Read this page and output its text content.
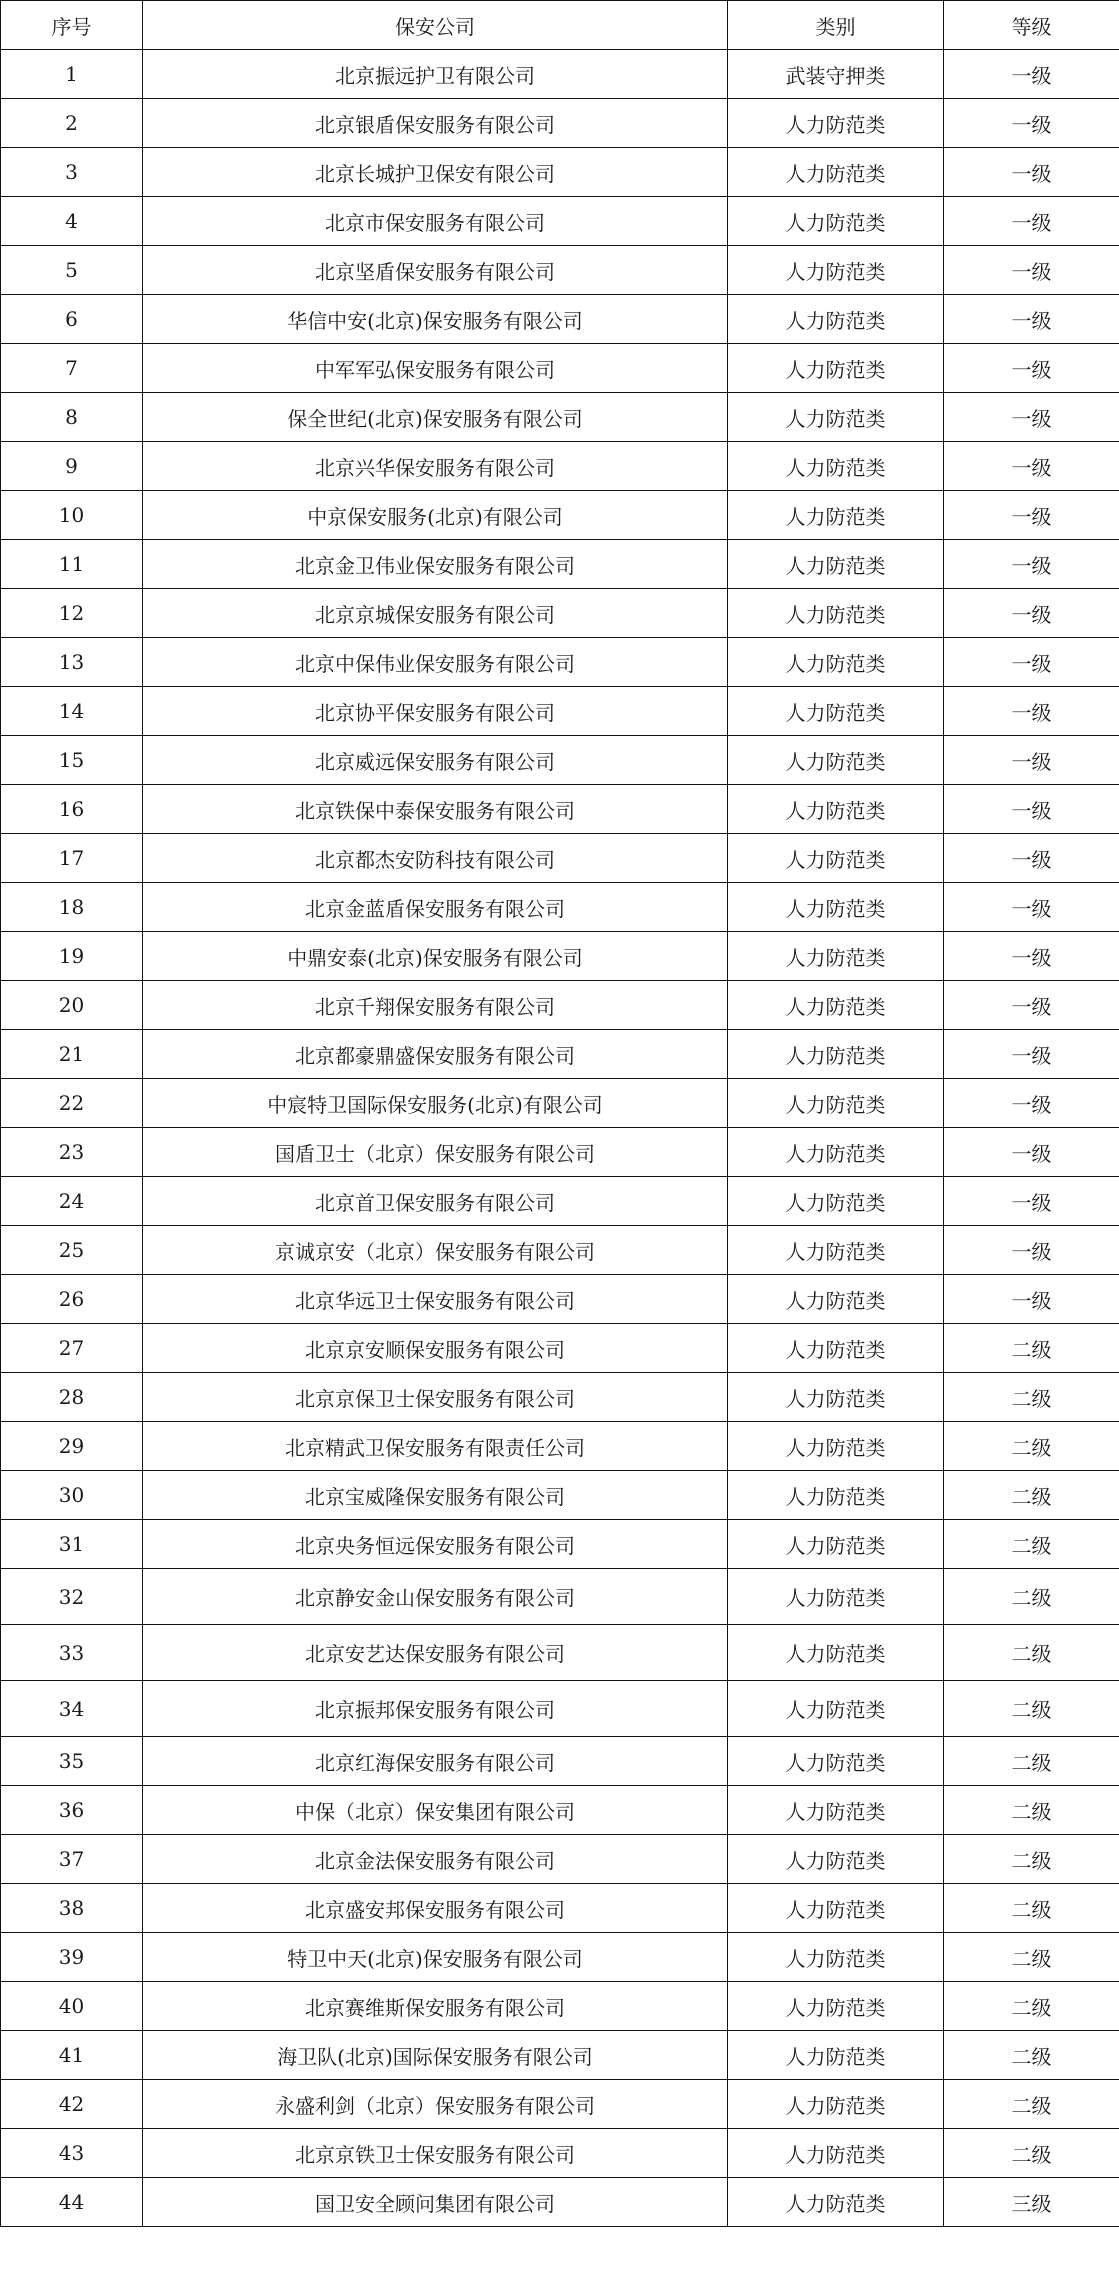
序号	保安公司	类别	等级
1	北京振远护卫有限公司	武装守押类	一级
2	北京银盾保安服务有限公司	人力防范类	一级
3	北京长城护卫保安有限公司	人力防范类	一级
4	北京市保安服务有限公司	人力防范类	一级
5	北京坚盾保安服务有限公司	人力防范类	一级
6	华信中安(北京)保安服务有限公司	人力防范类	一级
7	中军军弘保安服务有限公司	人力防范类	一级
8	保全世纪(北京)保安服务有限公司	人力防范类	一级
9	北京兴华保安服务有限公司	人力防范类	一级
10	中京保安服务(北京)有限公司	人力防范类	一级
11	北京金卫伟业保安服务有限公司	人力防范类	一级
12	北京京城保安服务有限公司	人力防范类	一级
13	北京中保伟业保安服务有限公司	人力防范类	一级
14	北京协平保安服务有限公司	人力防范类	一级
15	北京威远保安服务有限公司	人力防范类	一级
16	北京铁保中泰保安服务有限公司	人力防范类	一级
17	北京都杰安防科技有限公司	人力防范类	一级
18	北京金蓝盾保安服务有限公司	人力防范类	一级
19	中鼎安泰(北京)保安服务有限公司	人力防范类	一级
20	北京千翔保安服务有限公司	人力防范类	一级
21	北京都豪鼎盛保安服务有限公司	人力防范类	一级
22	中宸特卫国际保安服务(北京)有限公司	人力防范类	一级
23	国盾卫士（北京）保安服务有限公司	人力防范类	一级
24	北京首卫保安服务有限公司	人力防范类	一级
25	京诚京安（北京）保安服务有限公司	人力防范类	一级
26	北京华远卫士保安服务有限公司	人力防范类	一级
27	北京京安顺保安服务有限公司	人力防范类	二级
28	北京京保卫士保安服务有限公司	人力防范类	二级
29	北京精武卫保安服务有限责任公司	人力防范类	二级
30	北京宝威隆保安服务有限公司	人力防范类	二级
31	北京央务恒远保安服务有限公司	人力防范类	二级
32	北京静安金山保安服务有限公司	人力防范类	二级
33	北京安艺达保安服务有限公司	人力防范类	二级
34	北京振邦保安服务有限公司	人力防范类	二级
35	北京红海保安服务有限公司	人力防范类	二级
36	中保（北京）保安集团有限公司	人力防范类	二级
37	北京金法保安服务有限公司	人力防范类	二级
38	北京盛安邦保安服务有限公司	人力防范类	二级
39	特卫中天(北京)保安服务有限公司	人力防范类	二级
40	北京赛维斯保安服务有限公司	人力防范类	二级
41	海卫队(北京)国际保安服务有限公司	人力防范类	二级
42	永盛利剑（北京）保安服务有限公司	人力防范类	二级
43	北京京铁卫士保安服务有限公司	人力防范类	二级
44	国卫安全顾问集团有限公司	人力防范类	三级
